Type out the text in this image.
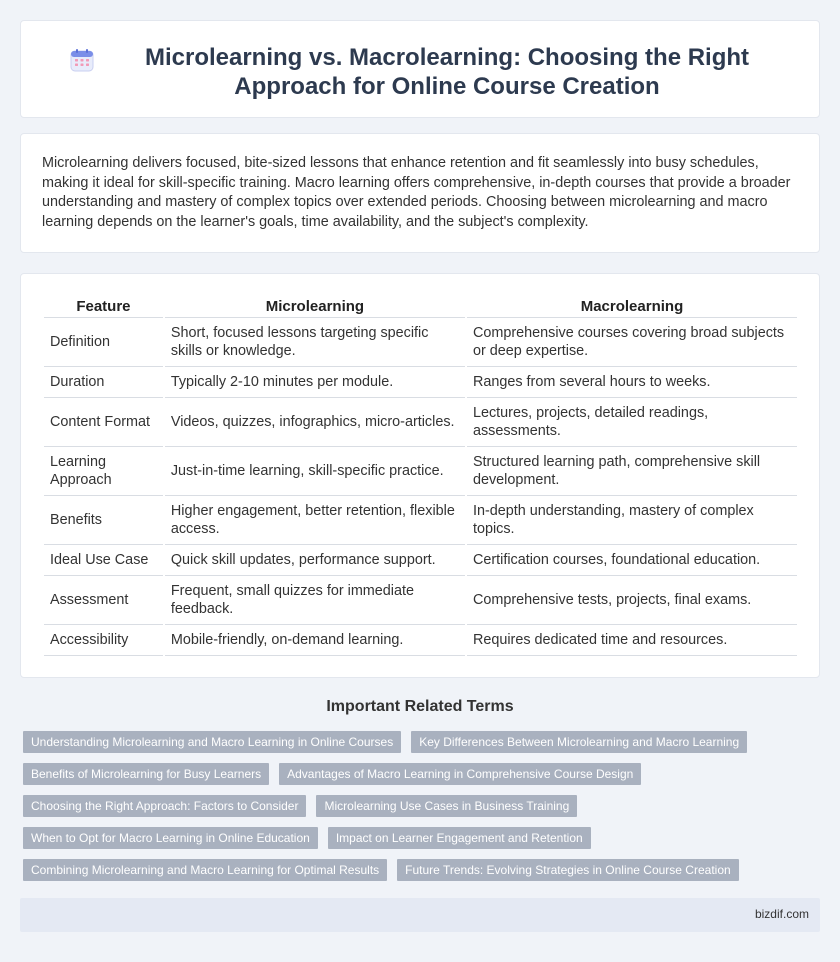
Microlearning vs. Macrolearning: Choosing the Right Approach for Online Course Creation

Microlearning delivers focused, bite-sized lessons that enhance retention and fit seamlessly into busy schedules, making it ideal for skill-specific training. Macro learning offers comprehensive, in-depth courses that provide a broader understanding and mastery of complex topics over extended periods. Choosing between microlearning and macro learning depends on the learner's goals, time availability, and the subject's complexity.

Feature	Microlearning	Macrolearning
Definition	Short, focused lessons targeting specific skills or knowledge.	Comprehensive courses covering broad subjects or deep expertise.
Duration	Typically 2-10 minutes per module.	Ranges from several hours to weeks.
Content Format	Videos, quizzes, infographics, micro-articles.	Lectures, projects, detailed readings, assessments.
Learning Approach	Just-in-time learning, skill-specific practice.	Structured learning path, comprehensive skill development.
Benefits	Higher engagement, better retention, flexible access.	In-depth understanding, mastery of complex topics.
Ideal Use Case	Quick skill updates, performance support.	Certification courses, foundational education.
Assessment	Frequent, small quizzes for immediate feedback.	Comprehensive tests, projects, final exams.
Accessibility	Mobile-friendly, on-demand learning.	Requires dedicated time and resources.
Important Related Terms
Understanding Microlearning and Macro Learning in Online Courses	Key Differences Between Microlearning and Macro Learning
Benefits of Microlearning for Busy Learners	Advantages of Macro Learning in Comprehensive Course Design
Choosing the Right Approach: Factors to Consider	Microlearning Use Cases in Business Training
When to Opt for Macro Learning in Online Education	Impact on Learner Engagement and Retention
Combining Microlearning and Macro Learning for Optimal Results	Future Trends: Evolving Strategies in Online Course Creation
bizdif.com
